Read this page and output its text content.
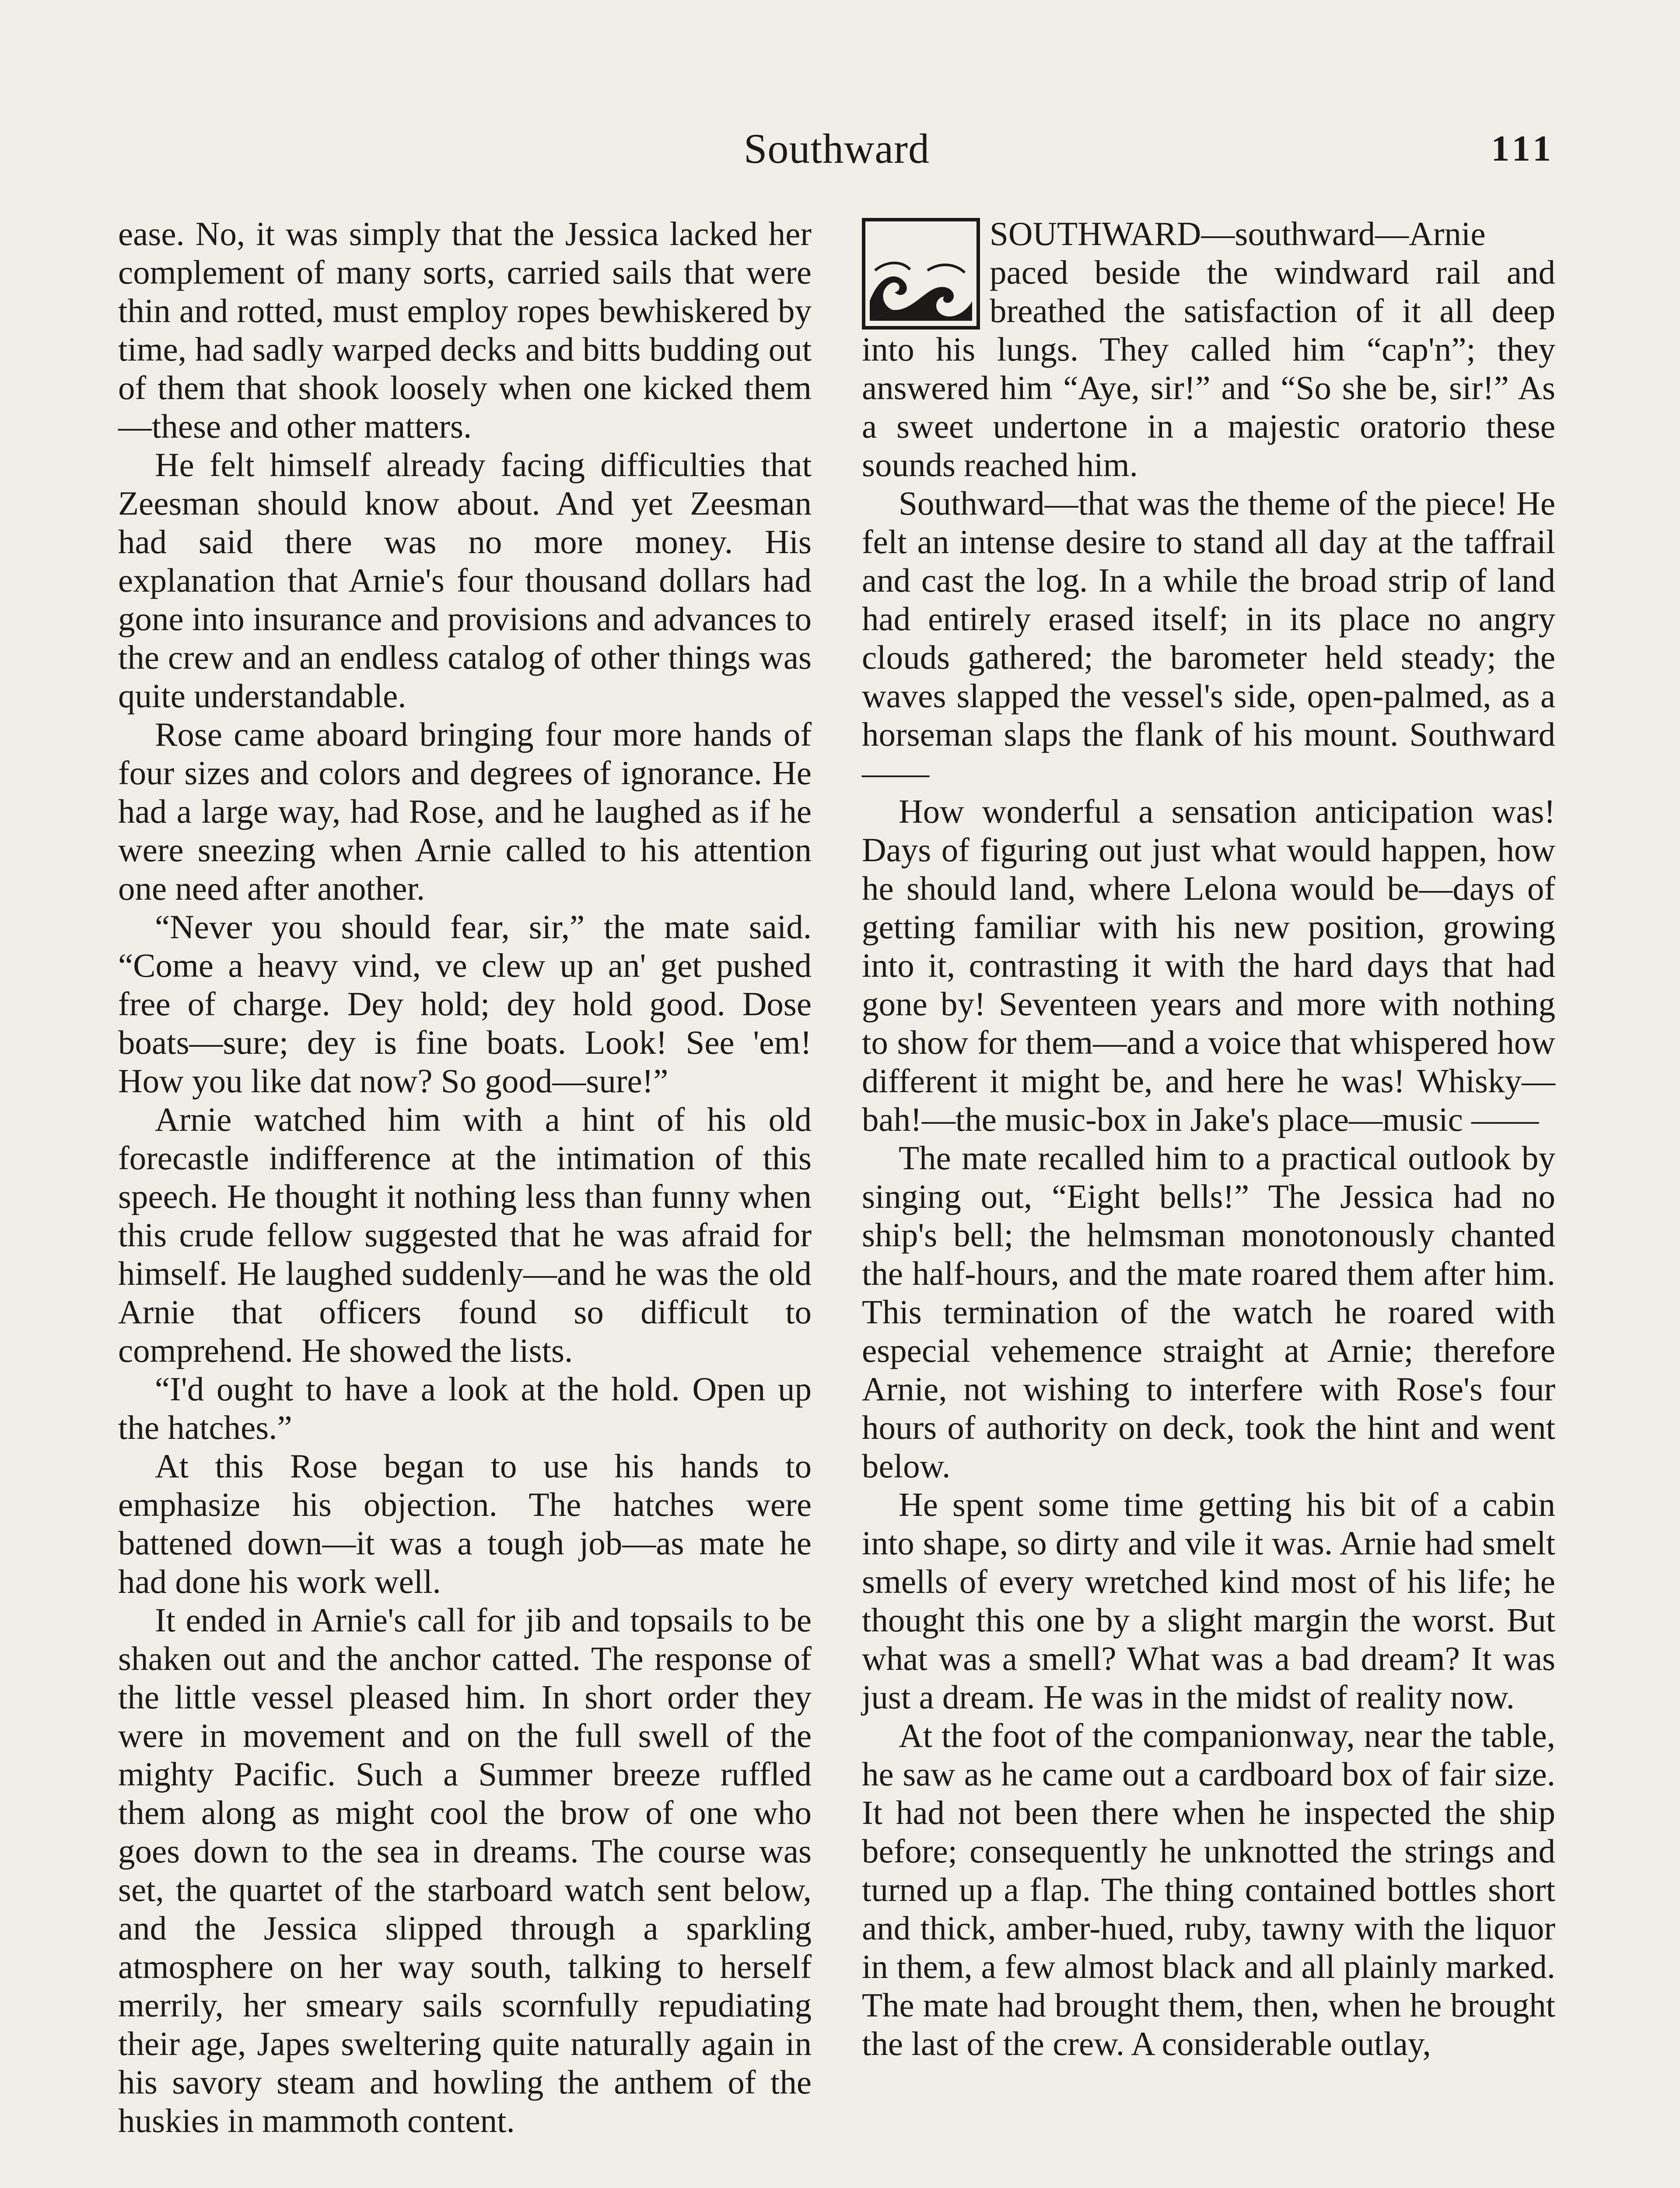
Southward	111

ease. No, it was simply that the Jessica lacked her complement of many sorts, carried sails that were thin and rotted, must employ ropes bewhiskered by time, had sadly warped decks and bitts budding out of them that shook loosely when one kicked them—these and other matters.

He felt himself already facing difficulties that Zeesman should know about. And yet Zeesman had said there was no more money. His explanation that Arnie's four thousand dollars had gone into insurance and provisions and advances to the crew and an endless catalog of other things was quite understandable.

Rose came aboard bringing four more hands of four sizes and colors and degrees of ignorance. He had a large way, had Rose, and he laughed as if he were sneezing when Arnie called to his attention one need after another.

“Never you should fear, sir,” the mate said. “Come a heavy vind, ve clew up an' get pushed free of charge. Dey hold; dey hold good. Dose boats—sure; dey is fine boats. Look! See 'em! How you like dat now? So good—sure!”

Arnie watched him with a hint of his old forecastle indifference at the intimation of this speech. He thought it nothing less than funny when this crude fellow suggested that he was afraid for himself. He laughed suddenly—and he was the old Arnie that officers found so difficult to comprehend. He showed the lists.

“I'd ought to have a look at the hold. Open up the hatches.”

At this Rose began to use his hands to emphasize his objection. The hatches were battened down—it was a tough job—as mate he had done his work well.

It ended in Arnie's call for jib and topsails to be shaken out and the anchor catted. The response of the little vessel pleased him. In short order they were in movement and on the full swell of the mighty Pacific. Such a Summer breeze ruffled them along as might cool the brow of one who goes down to the sea in dreams. The course was set, the quartet of the starboard watch sent below, and the Jessica slipped through a sparkling atmosphere on her way south, talking to herself merrily, her smeary sails scornfully repudiating their age, Japes sweltering quite naturally again in his savory steam and howling the anthem of the huskies in mammoth content.

SOUTHWARD—southward—Arnie paced beside the windward rail and breathed the satisfaction of it all deep into his lungs. They called him “cap'n”; they answered him “Aye, sir!” and “So she be, sir!” As a sweet undertone in a majestic oratorio these sounds reached him.

Southward—that was the theme of the piece! He felt an intense desire to stand all day at the taffrail and cast the log. In a while the broad strip of land had entirely erased itself; in its place no angry clouds gathered; the barometer held steady; the waves slapped the vessel's side, open-palmed, as a horseman slaps the flank of his mount. Southward——

How wonderful a sensation anticipation was! Days of figuring out just what would happen, how he should land, where Lelona would be—days of getting familiar with his new position, growing into it, contrasting it with the hard days that had gone by! Seventeen years and more with nothing to show for them—and a voice that whispered how different it might be, and here he was! Whisky—bah!—the music-box in Jake's place—music ——

The mate recalled him to a practical outlook by singing out, “Eight bells!” The Jessica had no ship's bell; the helmsman monotonously chanted the half-hours, and the mate roared them after him. This termination of the watch he roared with especial vehemence straight at Arnie; therefore Arnie, not wishing to interfere with Rose's four hours of authority on deck, took the hint and went below.

He spent some time getting his bit of a cabin into shape, so dirty and vile it was. Arnie had smelt smells of every wretched kind most of his life; he thought this one by a slight margin the worst. But what was a smell? What was a bad dream? It was just a dream. He was in the midst of reality now.

At the foot of the companionway, near the table, he saw as he came out a cardboard box of fair size. It had not been there when he inspected the ship before; consequently he unknotted the strings and turned up a flap. The thing contained bottles short and thick, amber-hued, ruby, tawny with the liquor in them, a few almost black and all plainly marked. The mate had brought them, then, when he brought the last of the crew. A considerable outlay,
